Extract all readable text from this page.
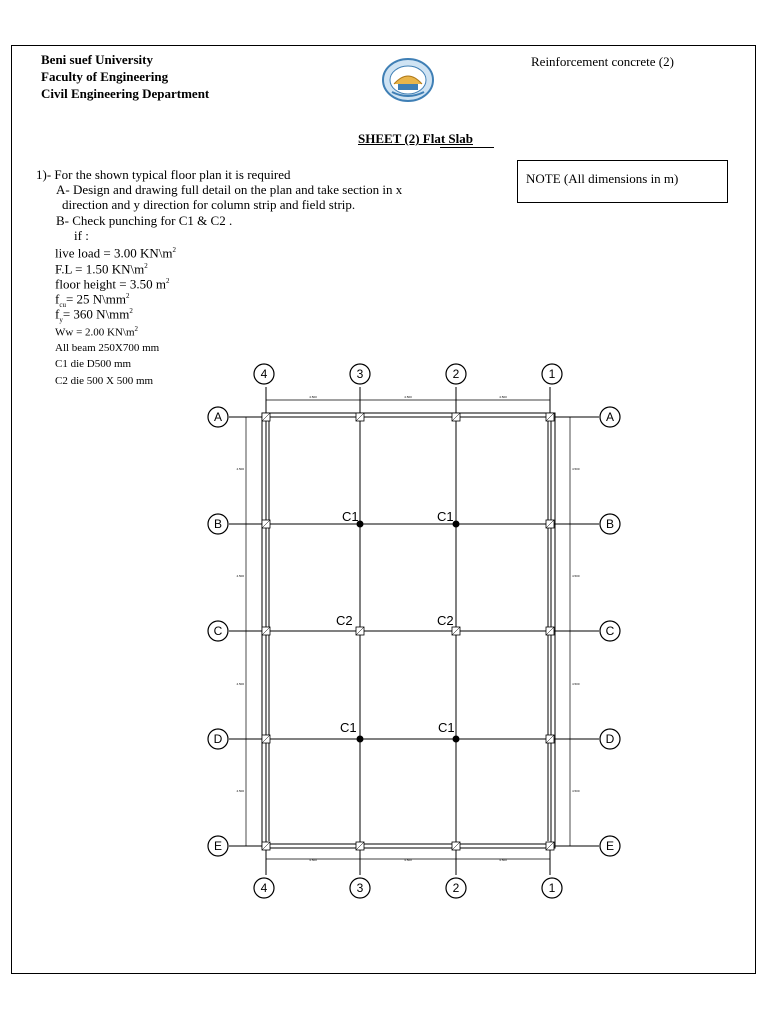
Beni suef University
Faculty of Engineering
Civil Engineering Department
Reinforcement concrete (2)
SHEET (2) Flat Slab
NOTE (All dimensions in m)
1)- For the shown typical floor plan it is required
A- Design and drawing full detail on the plan and take section in x
direction and y direction for column strip and field strip.
B- Check punching for C1 & C2 .
if :
live load = 3.00 $KN\backslash m^2$
F.L = 1.50 $KN\backslash m^2$
floor height = 3.50 $m^2$
$f_{cu}= 25$ $N\backslash mm^2$
$f_y= 360$ $N\backslash mm^2$
Ww = 2.00 $KN\backslash m^2$
All beam 250X700 mm
C1 die D500 mm
C2 die 500 X 500 mm
4.500	4.500	4.500
4.500	4.500	4.500
4.500
4.500
4.500
4.500
4.500
4.500
4.500
4.500
C1	C1
C2	C2
C1	C1
4	3	2	1
4	3	2	1
A
B
C
D
E
A
B
C
D
E
